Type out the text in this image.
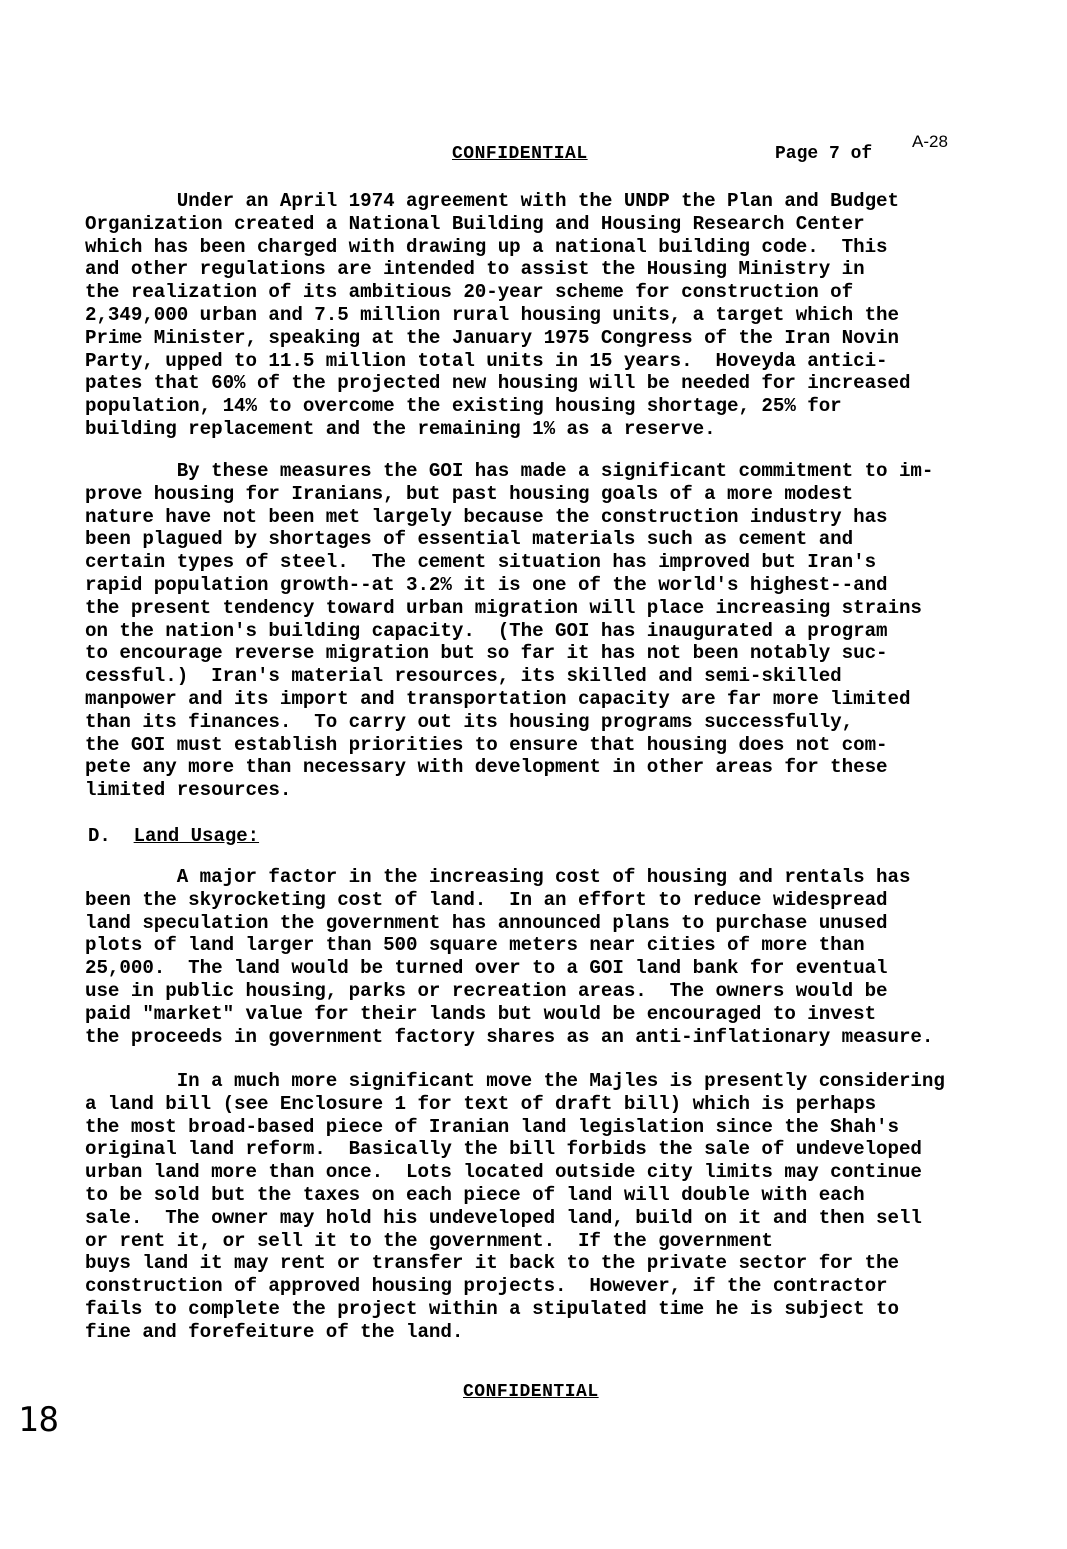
CONFIDENTIAL	Page 7 of
A-28
Under an April 1974 agreement with the UNDP the Plan and Budget
Organization created a National Building and Housing Research Center
which has been charged with drawing up a national building code.  This
and other regulations are intended to assist the Housing Ministry in
the realization of its ambitious 20-year scheme for construction of
2,349,000 urban and 7.5 million rural housing units, a target which the
Prime Minister, speaking at the January 1975 Congress of the Iran Novin
Party, upped to 11.5 million total units in 15 years.  Hoveyda antici-
pates that 60% of the projected new housing will be needed for increased
population, 14% to overcome the existing housing shortage, 25% for
building replacement and the remaining 1% as a reserve.
By these measures the GOI has made a significant commitment to im-
prove housing for Iranians, but past housing goals of a more modest
nature have not been met largely because the construction industry has
been plagued by shortages of essential materials such as cement and
certain types of steel.  The cement situation has improved but Iran's
rapid population growth--at 3.2% it is one of the world's highest--and
the present tendency toward urban migration will place increasing strains
on the nation's building capacity.  (The GOI has inaugurated a program
to encourage reverse migration but so far it has not been notably suc-
cessful.)  Iran's material resources, its skilled and semi-skilled
manpower and its import and transportation capacity are far more limited
than its finances.  To carry out its housing programs successfully,
the GOI must establish priorities to ensure that housing does not com-
pete any more than necessary with development in other areas for these
limited resources.
D. Land Usage:
A major factor in the increasing cost of housing and rentals has
been the skyrocketing cost of land.  In an effort to reduce widespread
land speculation the government has announced plans to purchase unused
plots of land larger than 500 square meters near cities of more than
25,000.  The land would be turned over to a GOI land bank for eventual
use in public housing, parks or recreation areas.  The owners would be
paid "market" value for their lands but would be encouraged to invest
the proceeds in government factory shares as an anti-inflationary measure.
In a much more significant move the Majles is presently considering
a land bill (see Enclosure 1 for text of draft bill) which is perhaps
the most broad-based piece of Iranian land legislation since the Shah's
original land reform.  Basically the bill forbids the sale of undeveloped
urban land more than once.  Lots located outside city limits may continue
to be sold but the taxes on each piece of land will double with each
sale.  The owner may hold his undeveloped land, build on it and then sell
or rent it, or sell it to the government.  If the government
buys land it may rent or transfer it back to the private sector for the
construction of approved housing projects.  However, if the contractor
fails to complete the project within a stipulated time he is subject to
fine and forefeiture of the land.
CONFIDENTIAL
18
